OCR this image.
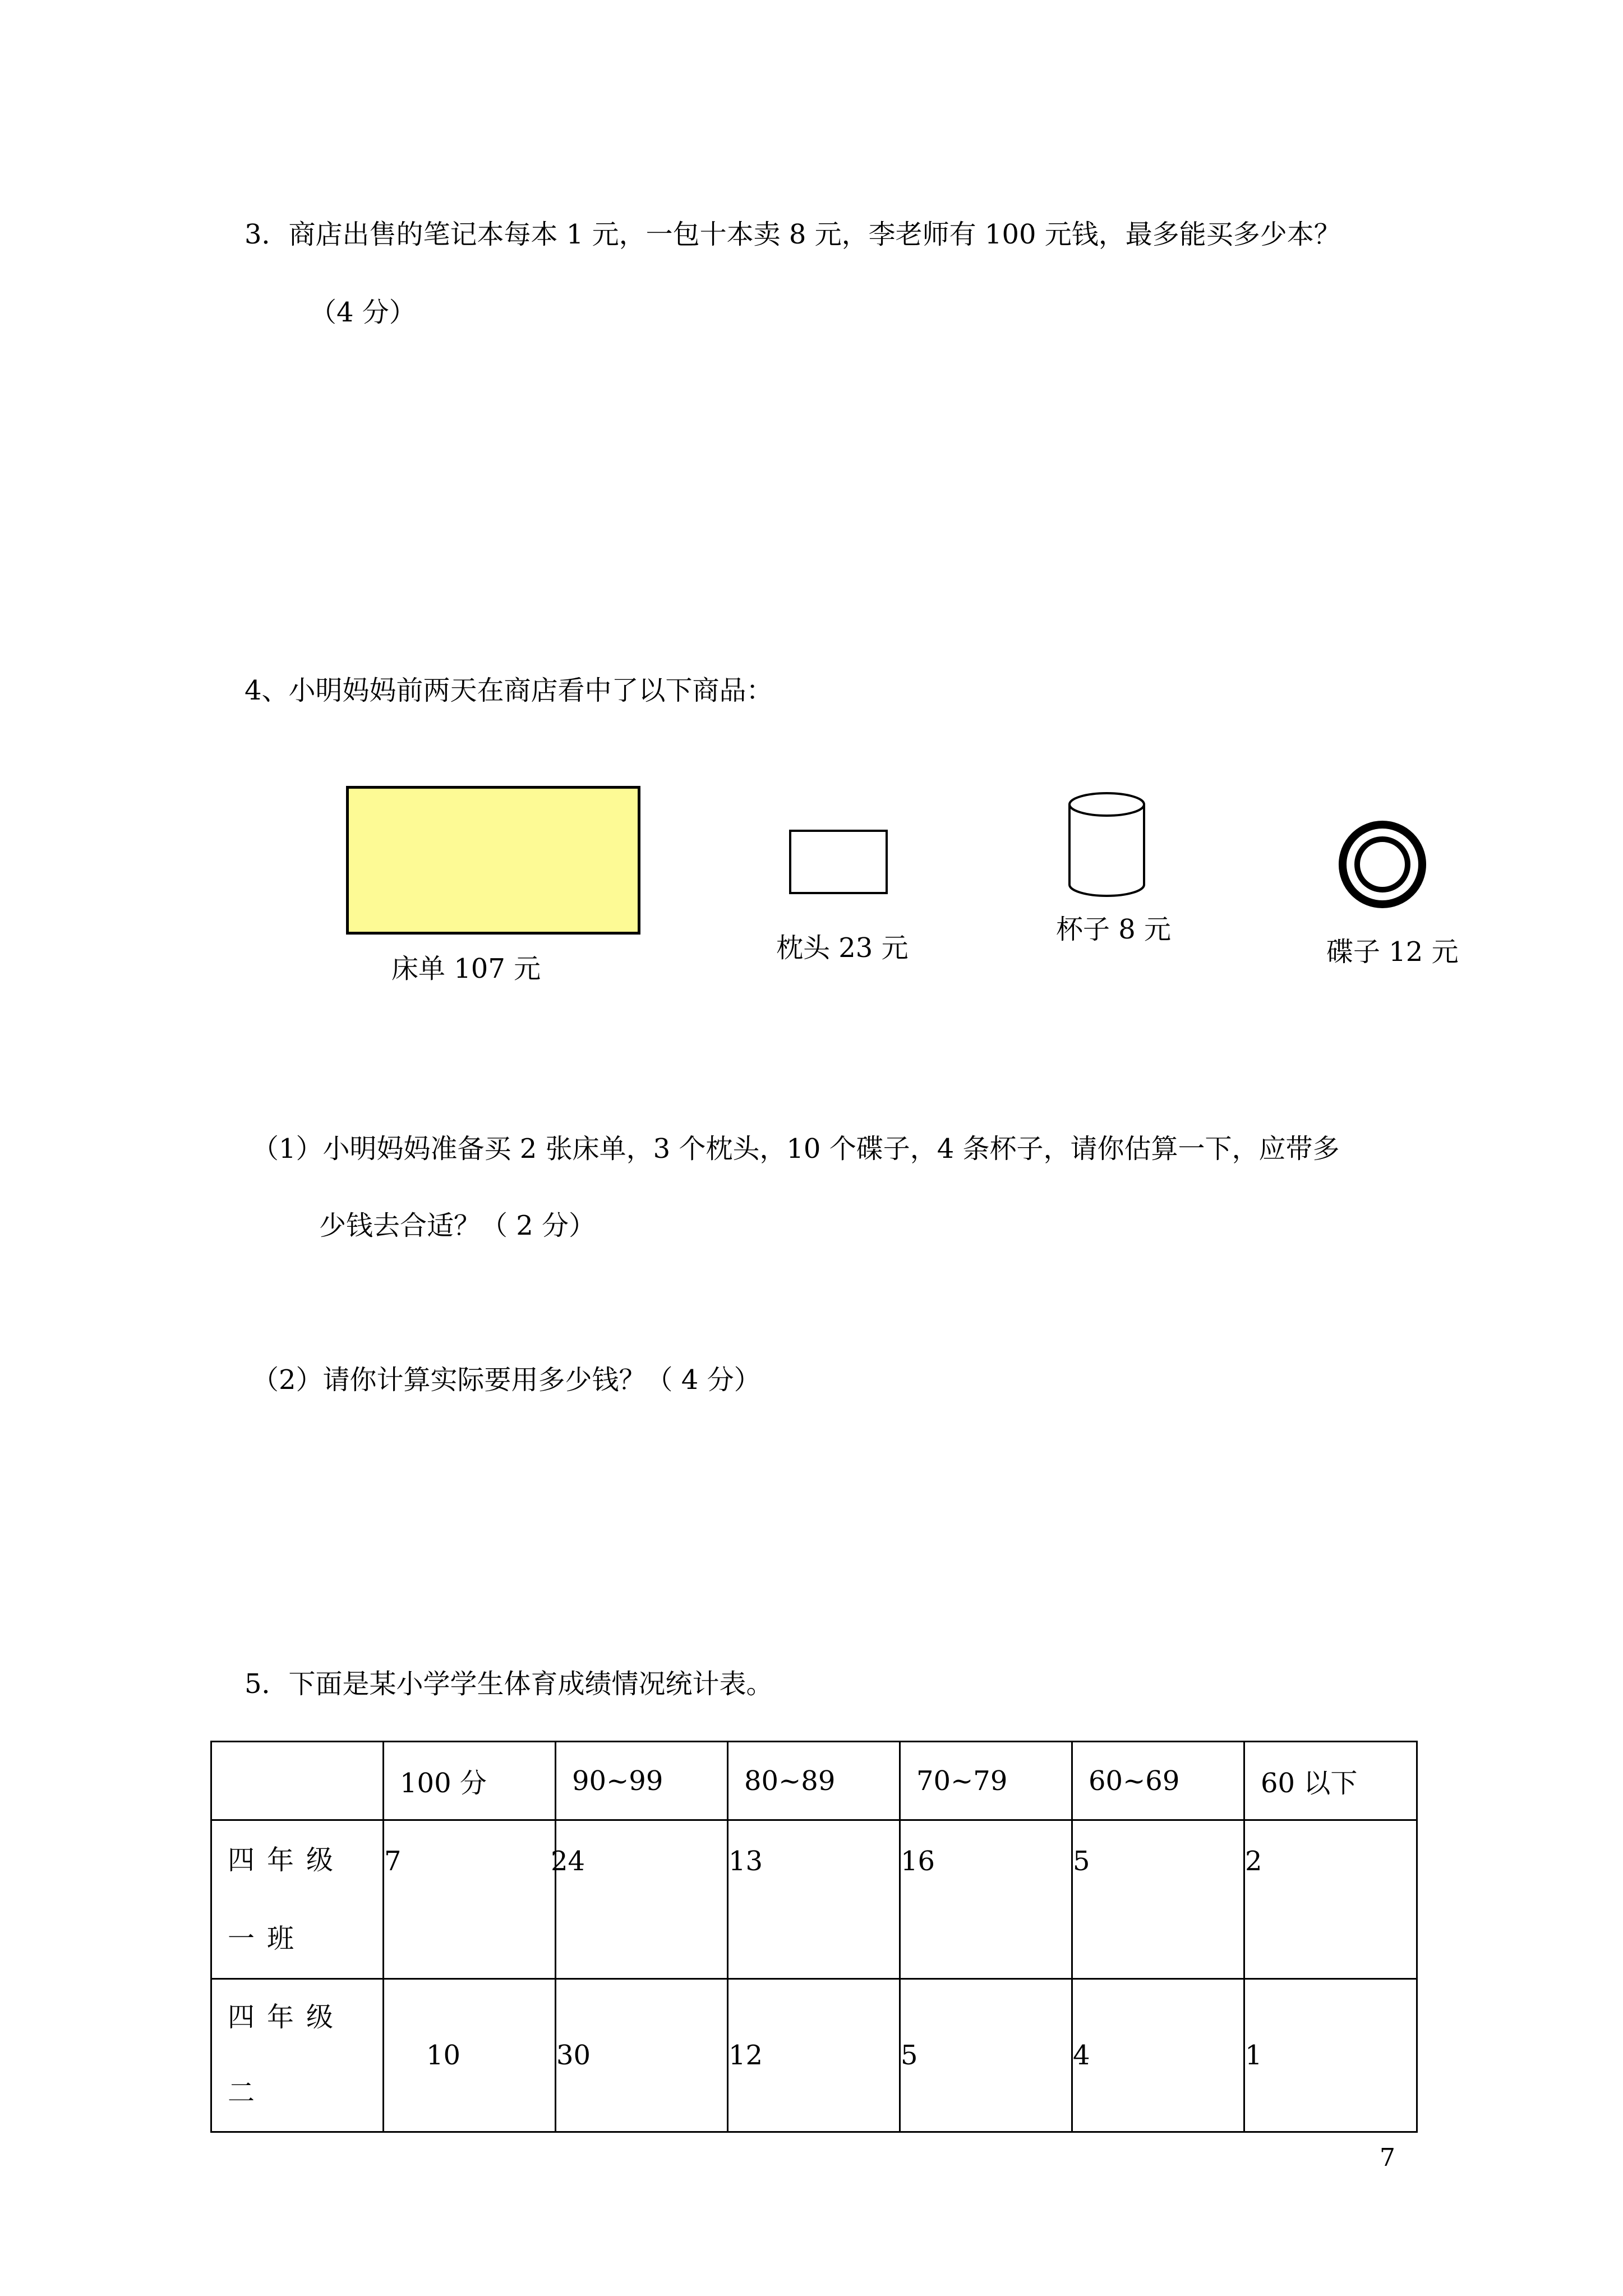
3．商店出售的笔记本每本 1 元，一包十本卖 8 元，李老师有 100 元钱，最多能买多少本？
（4 分）
4、小明妈妈前两天在商店看中了以下商品：
床单 107 元
枕头 23 元
杯子 8 元
碟子 12 元
（1）小明妈妈准备买 2 张床单，3 个枕头，10 个碟子，4 条杯子，请你估算一下，应带多
少钱去合适？（ 2 分）
（2）请你计算实际要用多少钱？（ 4 分）
5．下面是某小学学生体育成绩情况统计表。
	100 分	90~99	80~89	70~79	60~69	60 以下

四年级一班	7	24	13	16	5	2

四年级二	10	30	12	5	4	1
7
